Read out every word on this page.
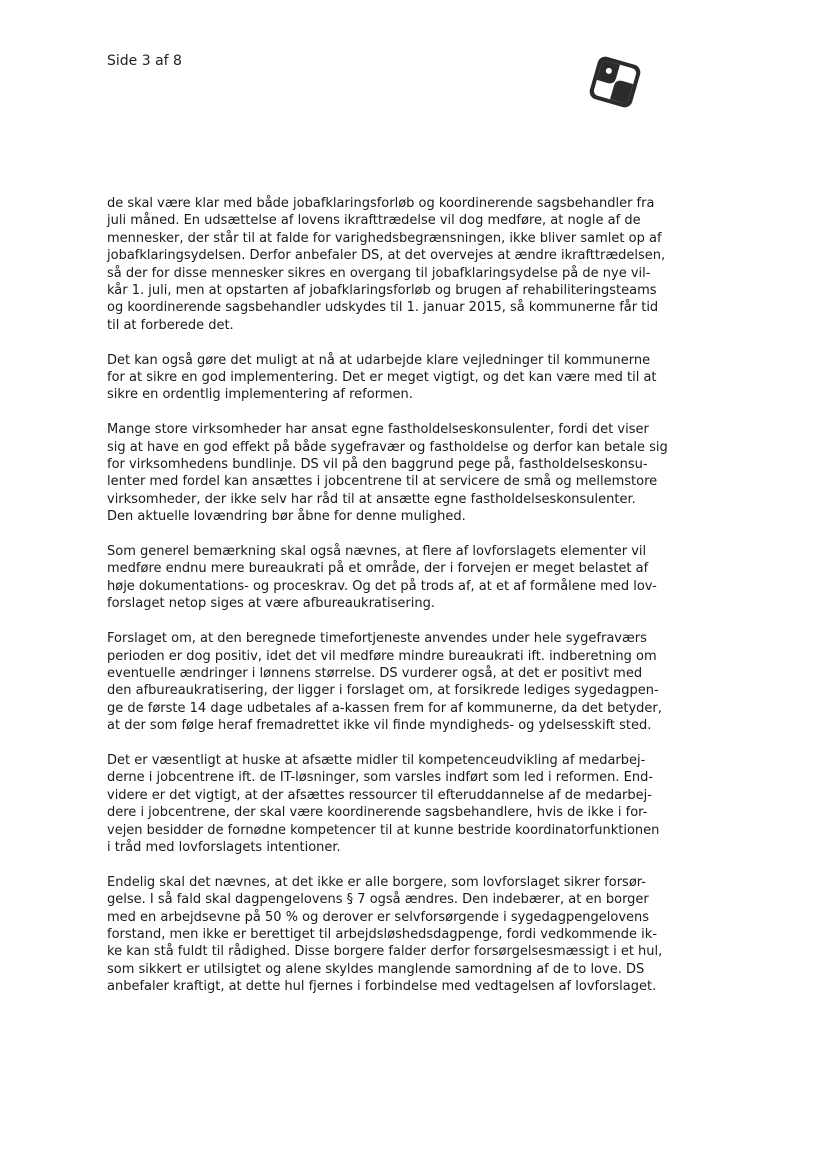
Side 3 af 8

de skal være klar med både jobafklaringsforløb og koordinerende sagsbehandler fra
juli måned. En udsættelse af lovens ikrafttrædelse vil dog medføre, at nogle af de
mennesker, der står til at falde for varighedsbegrænsningen, ikke bliver samlet op af
jobafklaringsydelsen. Derfor anbefaler DS, at det overvejes at ændre ikrafttrædelsen,
så der for disse mennesker sikres en overgang til jobafklaringsydelse på de nye vil-
kår 1. juli, men at opstarten af jobafklaringsforløb og brugen af rehabiliteringsteams
og koordinerende sagsbehandler udskydes til 1. januar 2015, så kommunerne får tid
til at forberede det.

Det kan også gøre det muligt at nå at udarbejde klare vejledninger til kommunerne
for at sikre en god implementering. Det er meget vigtigt, og det kan være med til at
sikre en ordentlig implementering af reformen.

Mange store virksomheder har ansat egne fastholdelseskonsulenter, fordi det viser
sig at have en god effekt på både sygefravær og fastholdelse og derfor kan betale sig
for virksomhedens bundlinje. DS vil på den baggrund pege på, fastholdelseskonsu-
lenter med fordel kan ansættes i jobcentrene til at servicere de små og mellemstore
virksomheder, der ikke selv har råd til at ansætte egne fastholdelseskonsulenter.
Den aktuelle lovændring bør åbne for denne mulighed.

Som generel bemærkning skal også nævnes, at flere af lovforslagets elementer vil
medføre endnu mere bureaukrati på et område, der i forvejen er meget belastet af
høje dokumentations- og proceskrav. Og det på trods af, at et af formålene med lov-
forslaget netop siges at være afbureaukratisering.

Forslaget om, at den beregnede timefortjeneste anvendes under hele sygefraværs
perioden er dog positiv, idet det vil medføre mindre bureaukrati ift. indberetning om
eventuelle ændringer i lønnens størrelse. DS vurderer også, at det er positivt med
den afbureaukratisering, der ligger i forslaget om, at forsikrede lediges sygedagpen-
ge de første 14 dage udbetales af a-kassen frem for af kommunerne, da det betyder,
at der som følge heraf fremadrettet ikke vil finde myndigheds- og ydelsesskift sted.

Det er væsentligt at huske at afsætte midler til kompetenceudvikling af medarbej-
derne i jobcentrene ift. de IT-løsninger, som varsles indført som led i reformen. End-
videre er det vigtigt, at der afsættes ressourcer til efteruddannelse af de medarbej-
dere i jobcentrene, der skal være koordinerende sagsbehandlere, hvis de ikke i for-
vejen besidder de fornødne kompetencer til at kunne bestride koordinatorfunktionen
i tråd med lovforslagets intentioner.

Endelig skal det nævnes, at det ikke er alle borgere, som lovforslaget sikrer forsør-
gelse. I så fald skal dagpengelovens § 7 også ændres. Den indebærer, at en borger
med en arbejdsevne på 50 % og derover er selvforsørgende i sygedagpengelovens
forstand, men ikke er berettiget til arbejdsløshedsdagpenge, fordi vedkommende ik-
ke kan stå fuldt til rådighed. Disse borgere falder derfor forsørgelsesmæssigt i et hul,
som sikkert er utilsigtet og alene skyldes manglende samordning af de to love. DS
anbefaler kraftigt, at dette hul fjernes i forbindelse med vedtagelsen af lovforslaget.
